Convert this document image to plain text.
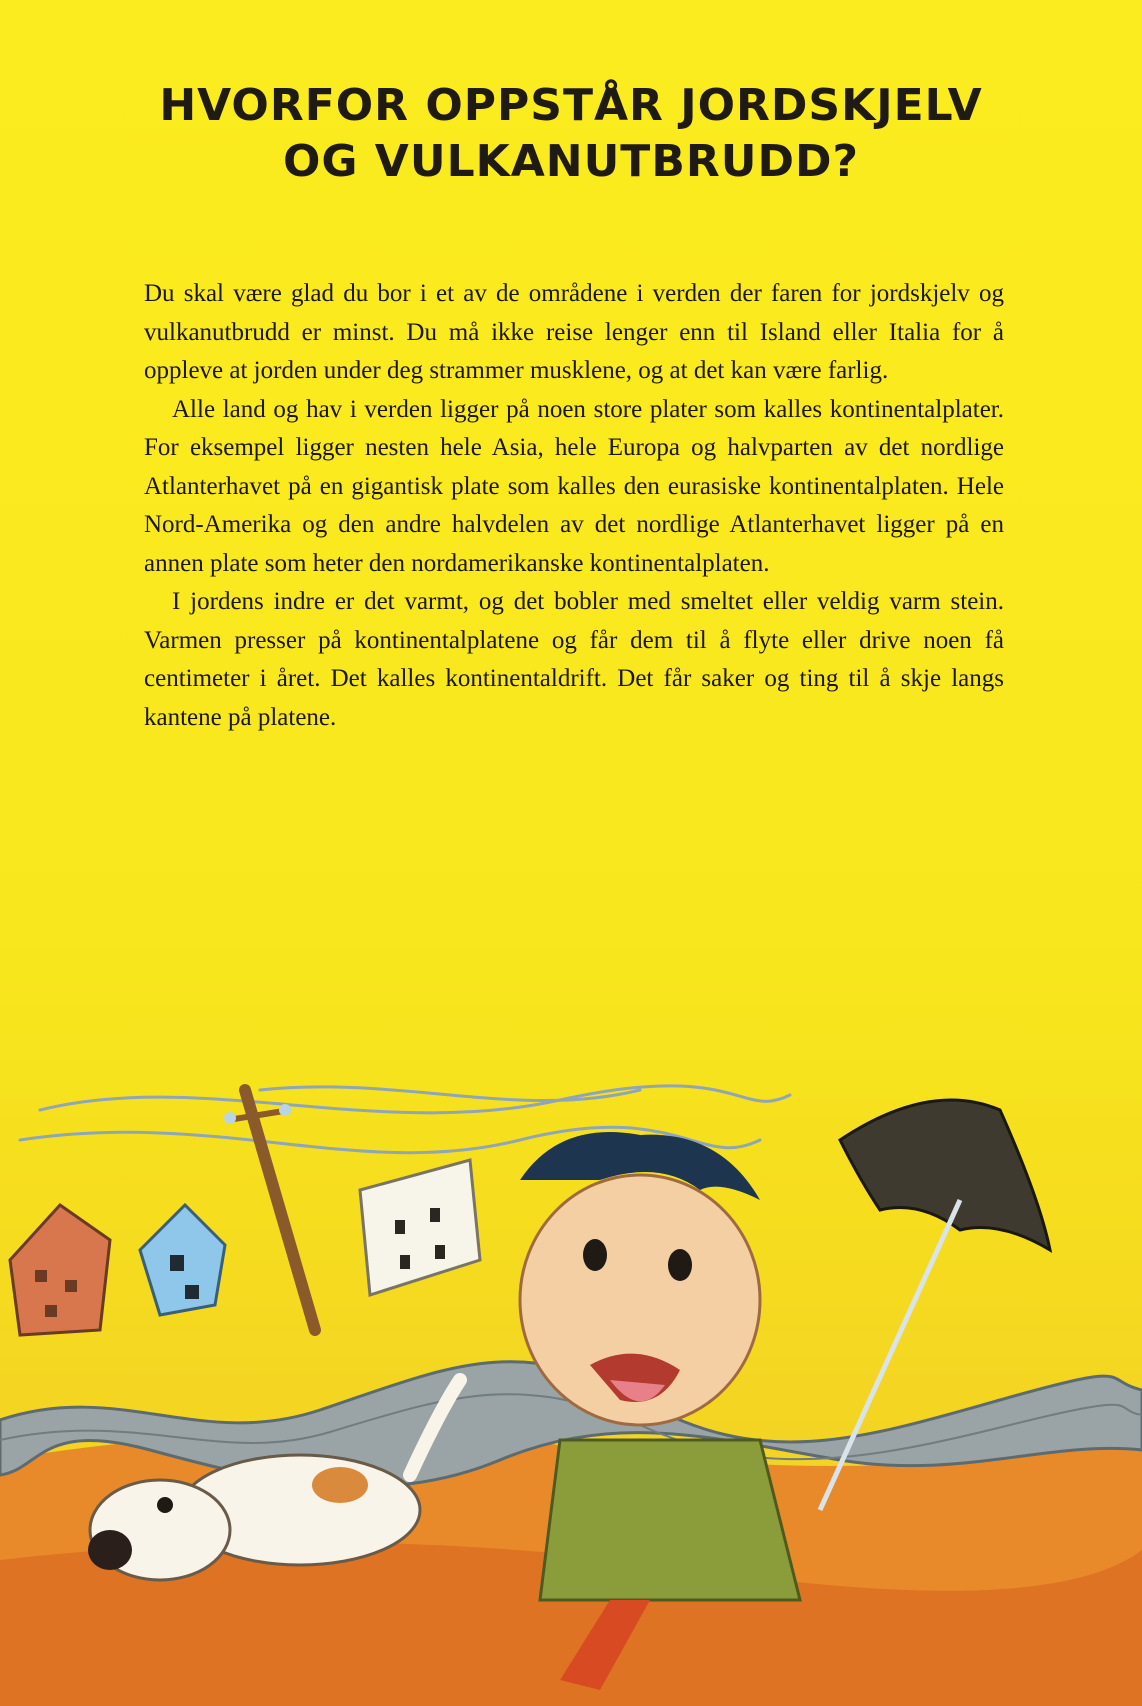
HVORFOR OPPSTÅR JORDSKJELV
OG VULKANUTBRUDD?

Du skal være glad du bor i et av de områdene i verden der faren for jordskjelv og vulkanutbrudd er minst. Du må ikke reise lenger enn til Island eller Italia for å oppleve at jorden under deg strammer musklene, og at det kan være farlig.

Alle land og hav i verden ligger på noen store plater som kalles kontinentalplater. For eksempel ligger nesten hele Asia, hele Europa og halvparten av det nordlige Atlanterhavet på en gigantisk plate som kalles den eurasiske kontinentalplaten. Hele Nord-Amerika og den andre halvdelen av det nordlige Atlanterhavet ligger på en annen plate som heter den nordamerikanske kontinentalplaten.

I jordens indre er det varmt, og det bobler med smeltet eller veldig varm stein. Varmen presser på kontinentalplatene og får dem til å flyte eller drive noen få centimeter i året. Det kalles kontinentaldrift. Det får saker og ting til å skje langs kantene på platene.
